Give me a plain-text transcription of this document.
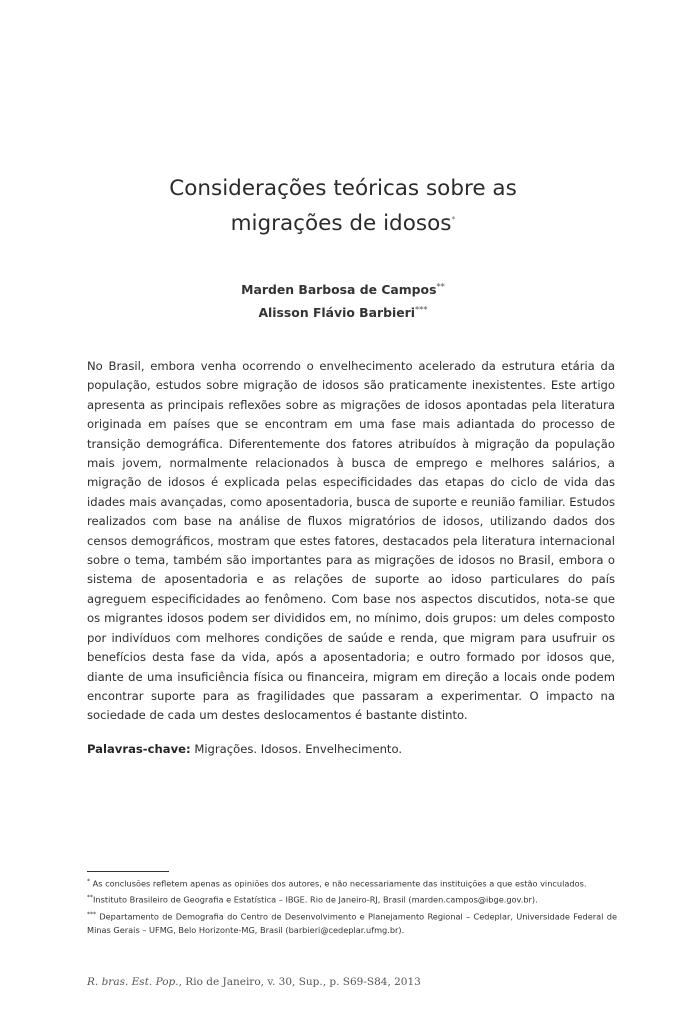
Considerações teóricas sobre as
migrações de idosos*
Marden Barbosa de Campos**
Alisson Flávio Barbieri***

No Brasil, embora venha ocorrendo o envelhecimento acelerado da estrutura etária da população, estudos sobre migração de idosos são praticamente inexistentes. Este artigo apresenta as principais reflexões sobre as migrações de idosos apontadas pela literatura originada em países que se encontram em uma fase mais adiantada do processo de transição demográfica. Diferentemente dos fatores atribuídos à migração da população mais jovem, normalmente relacionados à busca de emprego e melhores salários, a migração de idosos é explicada pelas especificidades das etapas do ciclo de vida das idades mais avançadas, como aposentadoria, busca de suporte e reunião familiar. Estudos realizados com base na análise de fluxos migratórios de idosos, utilizando dados dos censos demográficos, mostram que estes fatores, destacados pela literatura internacional sobre o tema, também são importantes para as migrações de idosos no Brasil, embora o sistema de aposentadoria e as relações de suporte ao idoso particulares do país agreguem especificidades ao fenômeno. Com base nos aspectos discutidos, nota-se que os migrantes idosos podem ser divididos em, no mínimo, dois grupos: um deles composto por indivíduos com melhores condições de saúde e renda, que migram para usufruir os benefícios desta fase da vida, após a aposentadoria; e outro formado por idosos que, diante de uma insuficiência física ou financeira, migram em direção a locais onde podem encontrar suporte para as fragilidades que passaram a experimentar. O impacto na sociedade de cada um destes deslocamentos é bastante distinto.

Palavras-chave: Migrações. Idosos. Envelhecimento.

* As conclusões refletem apenas as opiniões dos autores, e não necessariamente das instituições a que estão vinculados.

**Instituto Brasileiro de Geografia e Estatística – IBGE. Rio de Janeiro-RJ, Brasil (marden.campos@ibge.gov.br).

*** Departamento de Demografia do Centro de Desenvolvimento e Planejamento Regional – Cedeplar, Universidade Federal de Minas Gerais – UFMG, Belo Horizonte-MG, Brasil (barbieri@cedeplar.ufmg.br).

R. bras. Est. Pop., Rio de Janeiro, v. 30, Sup., p. S69-S84, 2013
